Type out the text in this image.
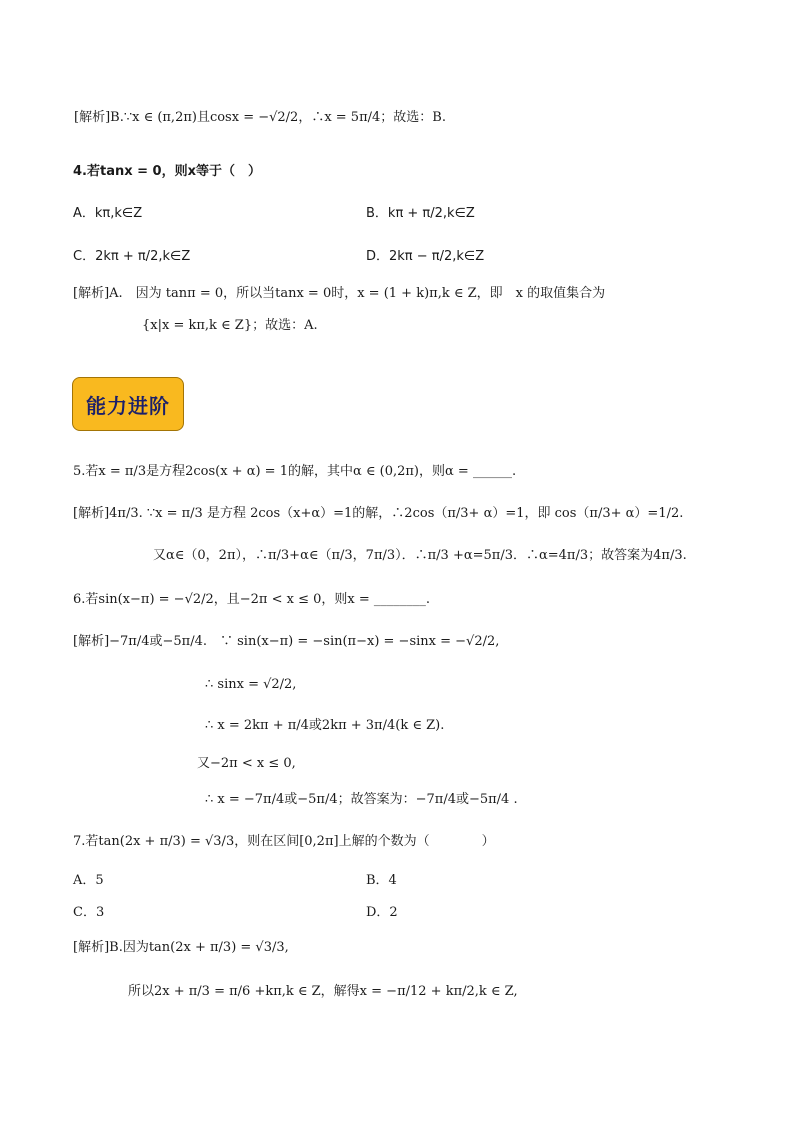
[解析]B.∵x ∈ (π,2π)且cosx = −√2/2，∴x = 5π/4；故选：B.
4.若tanx = 0，则x等于（　）
A．kπ,k∈Z	B．kπ + π/2,k∈Z
C．2kπ + π/2,k∈Z	D．2kπ − π/2,k∈Z
[解析]A.　因为 tanπ = 0，所以当tanx = 0时，x = (1 + k)π,k ∈ Z，即　x 的取值集合为
{x|x = kπ,k ∈ Z}；故选：A.
能力进阶
5.若x = π/3是方程2cos(x + α) = 1的解，其中α ∈ (0,2π)，则α = ______.
[解析]4π/3. ∵x = π/3 是方程 2cos（x+α）=1的解，∴2cos（π/3+ α）=1，即 cos（π/3+ α）=1/2.
又α∈（0，2π），∴π/3+α∈（π/3，7π/3）．∴π/3 +α=5π/3．∴α=4π/3；故答案为4π/3.
6.若sin(x−π) = −√2/2，且−2π < x ≤ 0，则x = ________.
[解析]−7π/4或−5π/4.　∵ sin(x−π) = −sin(π−x) = −sinx = −√2/2,
∴ sinx = √2/2,
∴ x = 2kπ + π/4或2kπ + 3π/4(k ∈ Z).
又−2π < x ≤ 0,
∴ x = −7π/4或−5π/4；故答案为：−7π/4或−5π/4 .
7.若tan(2x + π/3) = √3/3，则在区间[0,2π]上解的个数为（　　　　）
A．5	B．4
C．3	D．2
[解析]B.因为tan(2x + π/3) = √3/3,
所以2x + π/3 = π/6 +kπ,k ∈ Z，解得x = −π/12 + kπ/2,k ∈ Z,
